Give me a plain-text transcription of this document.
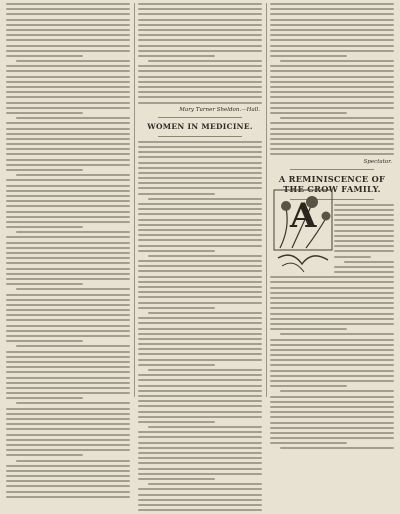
Mary Turner Sheldon.—Hall.
WOMEN IN MEDICINE.
Spectator.
A REMINISCENCE OF THE CROW FAMILY.
A
